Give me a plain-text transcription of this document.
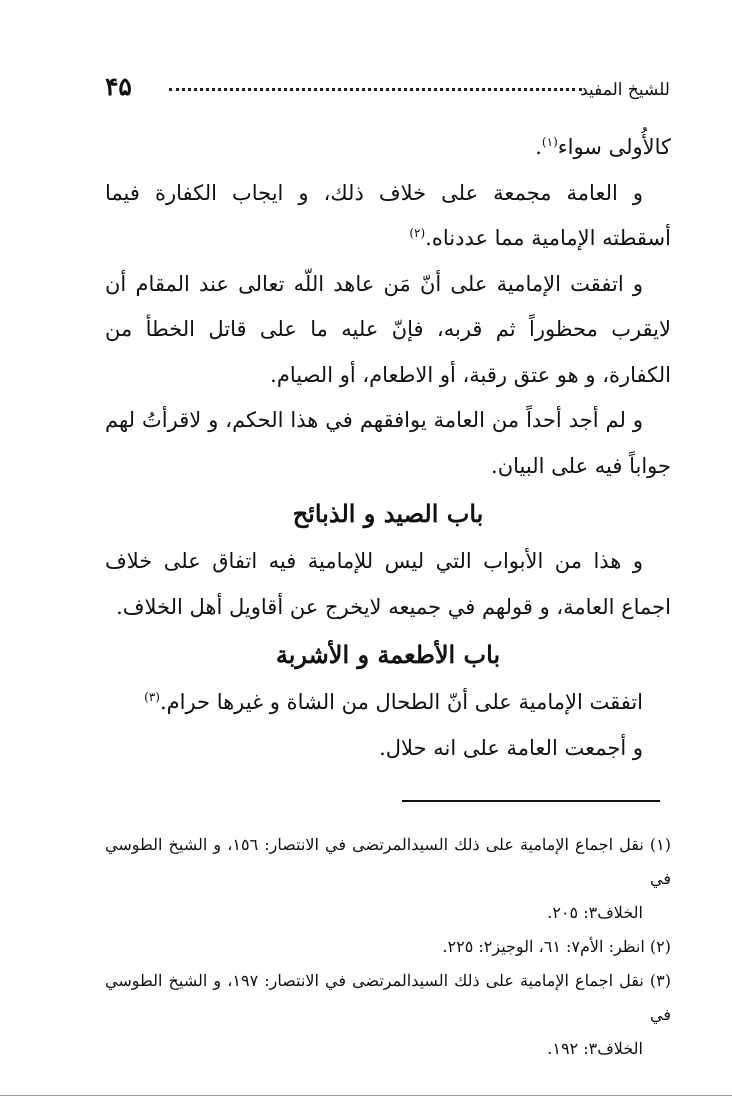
للشيخ المفيد
۴۵

كالأُولى سواء$^{(١)}$.

و العامة مجمعة على خلاف ذلك، و ايجاب الكفارة فيما أسقطته الإمامية مما عددناه.$^{(٢)}$

و اتفقت الإمامية على أنّ مَن عاهد اللّه تعالى عند المقام أن لايقرب محظوراً ثم قربه، فإنّ عليه ما على قاتل الخطأ من الكفارة، و هو عتق رقبة، أو الاطعام، أو الصيام.

و لم أجد أحداً من العامة يوافقهم في هذا الحكم، و لاقرأتُ لهم جواباً فيه على البيان.

باب الصيد و الذبائح

و هذا من الأبواب التي ليس للإمامية فيه اتفاق على خلاف اجماع العامة، و قولهم في جميعه لايخرج عن أقاويل أهل الخلاف.

باب الأطعمة و الأشربة

اتفقت الإمامية على أنّ الطحال من الشاة و غيرها حرام.$^{(٣)}$

و أجمعت العامة على انه حلال.

(١) نقل اجماع الإمامية على ذلك السيدالمرتضى في الانتصار: ١٥٦، و الشيخ الطوسي في

الخلاف٣: ٢٠٥.

(٢) انظر: الأم٧: ٦١، الوجيز٢: ٢٢٥.

(٣) نقل اجماع الإمامية على ذلك السيدالمرتضى في الانتصار: ١٩٧، و الشيخ الطوسي في

الخلاف٣: ١٩٢.
